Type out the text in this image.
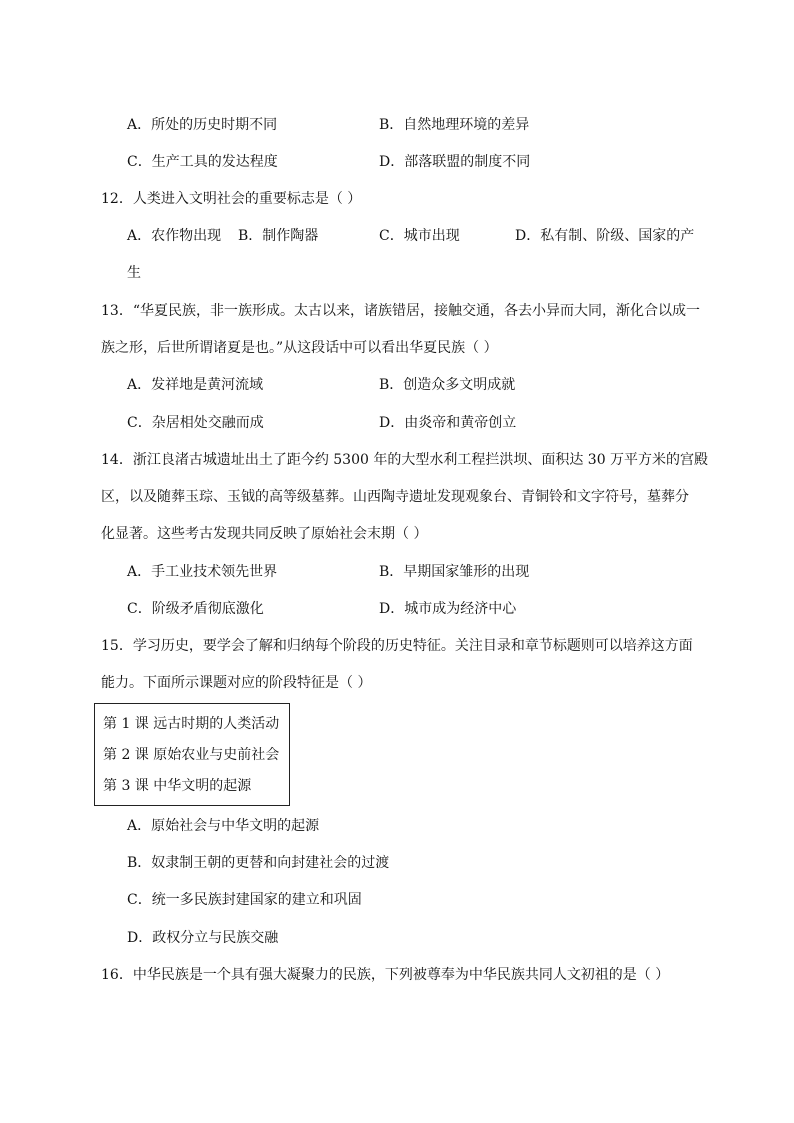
A．所处的历史时期不同	B．自然地理环境的差异
C．生产工具的发达程度	D．部落联盟的制度不同
12．人类进入文明社会的重要标志是（ ）
A．农作物出现 B．制作陶器	C．城市出现	D．私有制、阶级、国家的产
生
13．“华夏民族，非一族形成。太古以来，诸族错居，接触交通，各去小异而大同，渐化合以成一
族之形，后世所谓诸夏是也。”从这段话中可以看出华夏民族（ ）
A．发祥地是黄河流域	B．创造众多文明成就
C．杂居相处交融而成	D．由炎帝和黄帝创立
14．浙江良渚古城遗址出土了距今约 5300 年的大型水利工程拦洪坝、面积达 30 万平方米的宫殿
区，以及随葬玉琮、玉钺的高等级墓葬。山西陶寺遗址发现观象台、青铜铃和文字符号，墓葬分
化显著。这些考古发现共同反映了原始社会末期（ ）
A．手工业技术领先世界	B．早期国家雏形的出现
C．阶级矛盾彻底激化	D．城市成为经济中心
15．学习历史，要学会了解和归纳每个阶段的历史特征。关注目录和章节标题则可以培养这方面
能力。下面所示课题对应的阶段特征是（ ）
第 1 课 远古时期的人类活动
第 2 课 原始农业与史前社会
第 3 课 中华文明的起源
A．原始社会与中华文明的起源
B．奴隶制王朝的更替和向封建社会的过渡
C．统一多民族封建国家的建立和巩固
D．政权分立与民族交融
16．中华民族是一个具有强大凝聚力的民族，下列被尊奉为中华民族共同人文初祖的是（ ）
